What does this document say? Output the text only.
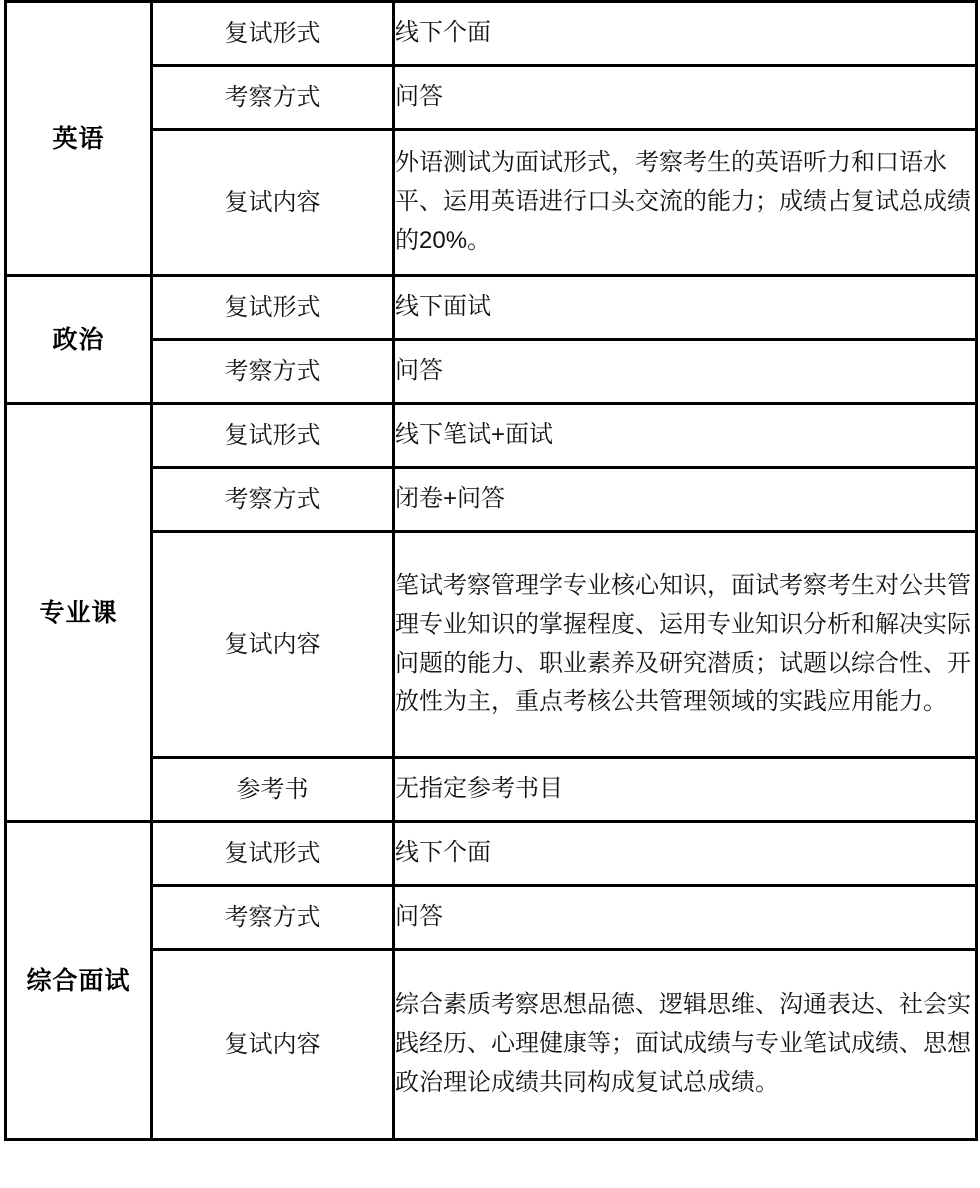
英语	复试形式	线下个面
	考察方式	问答
	复试内容	外语测试为面试形式，考察考生的英语听力和口语水平、运用英语进行口头交流的能力；成绩占复试总成绩的20%。
政治	复试形式	线下面试
	考察方式	问答
专业课	复试形式	线下笔试+面试
	考察方式	闭卷+问答
	复试内容	笔试考察管理学专业核心知识，面试考察考生对公共管理专业知识的掌握程度、运用专业知识分析和解决实际问题的能力、职业素养及研究潜质；试题以综合性、开放性为主，重点考核公共管理领域的实践应用能力。
	参考书	无指定参考书目
综合面试	复试形式	线下个面
	考察方式	问答
	复试内容	综合素质考察思想品德、逻辑思维、沟通表达、社会实践经历、心理健康等；面试成绩与专业笔试成绩、思想政治理论成绩共同构成复试总成绩。
